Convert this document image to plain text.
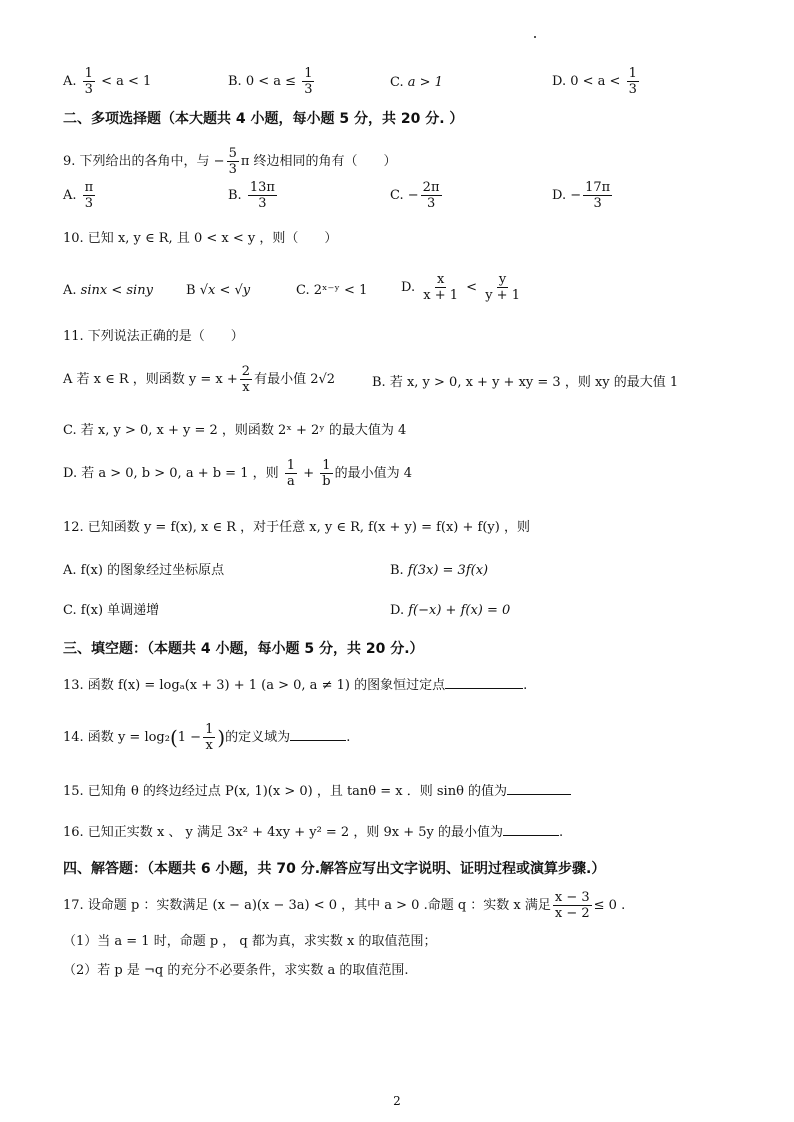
A. $\frac{1}{3} < a < 1$	B. $0 < a \le \frac{1}{3}$	C. a > 1	D. $0 < a < \frac{1}{3}$
二、多项选择题（本大题共 4 小题，每小题 5 分，共 20 分. ）
9. 下列给出的各角中，与 − $\frac{5}{3}$ π 终边相同的角有（　　）
A. $\frac{\pi}{3}$	B. $\frac{13\pi}{3}$	C. − $\frac{2\pi}{3}$	D. − $\frac{17\pi}{3}$
10. 已知 x, y ∈ R, 且 0 < x < y ，则（　　）
A. sinx < siny	B √x < √y	C. 2ˣ⁻ʸ < 1	D. $\frac{x}{x + 1} < \frac{y}{y + 1}$
11. 下列说法正确的是（　　）
A 若 x ∈ R ，则函数 $y = x + \frac{2}{x}$ 有最小值 2√2	B. 若 x, y > 0, x + y + xy = 3 ，则 xy 的最大值 1
C. 若 x, y > 0, x + y = 2 ，则函数 2ˣ + 2ʸ 的最大值为 4
D. 若 a > 0, b > 0, a + b = 1 ，则 $\frac{1}{a} + \frac{1}{b}$ 的最小值为 4
12. 已知函数 y = f(x), x ∈ R ，对于任意 x, y ∈ R, f(x + y) = f(x) + f(y) ，则
A. f(x) 的图象经过坐标原点	B. f(3x) = 3f(x)
C. f(x) 单调递增	D. f(−x) + f(x) = 0
三、填空题：（本题共 4 小题，每小题 5 分，共 20 分.）
13. 函数 f(x) = logₐ(x + 3) + 1 (a > 0, a ≠ 1) 的图象恒过定点	.
14. 函数 $y = \log_2(1 - \frac{1}{x}$ )的定义域为	.
15. 已知角 θ 的终边经过点 P(x, 1)(x > 0) ，且 tanθ = x ．则 sinθ 的值为
16. 已知正实数 x 、 y 满足 3x² + 4xy + y² = 2 ，则 9x + 5y 的最小值为	.
四、解答题：（本题共 6 小题，共 70 分.解答应写出文字说明、证明过程或演算步骤.）
17. 设命题 p ：实数满足 (x − a)(x − 3a) < 0 ，其中 a > 0 .命题 q ：实数 x 满足 $\frac{x - 3}{x - 2} \le 0$ .
（1）当 a = 1 时，命题 p ， q 都为真，求实数 x 的取值范围；
（2）若 p 是 ¬q 的充分不必要条件，求实数 a 的取值范围.
2
